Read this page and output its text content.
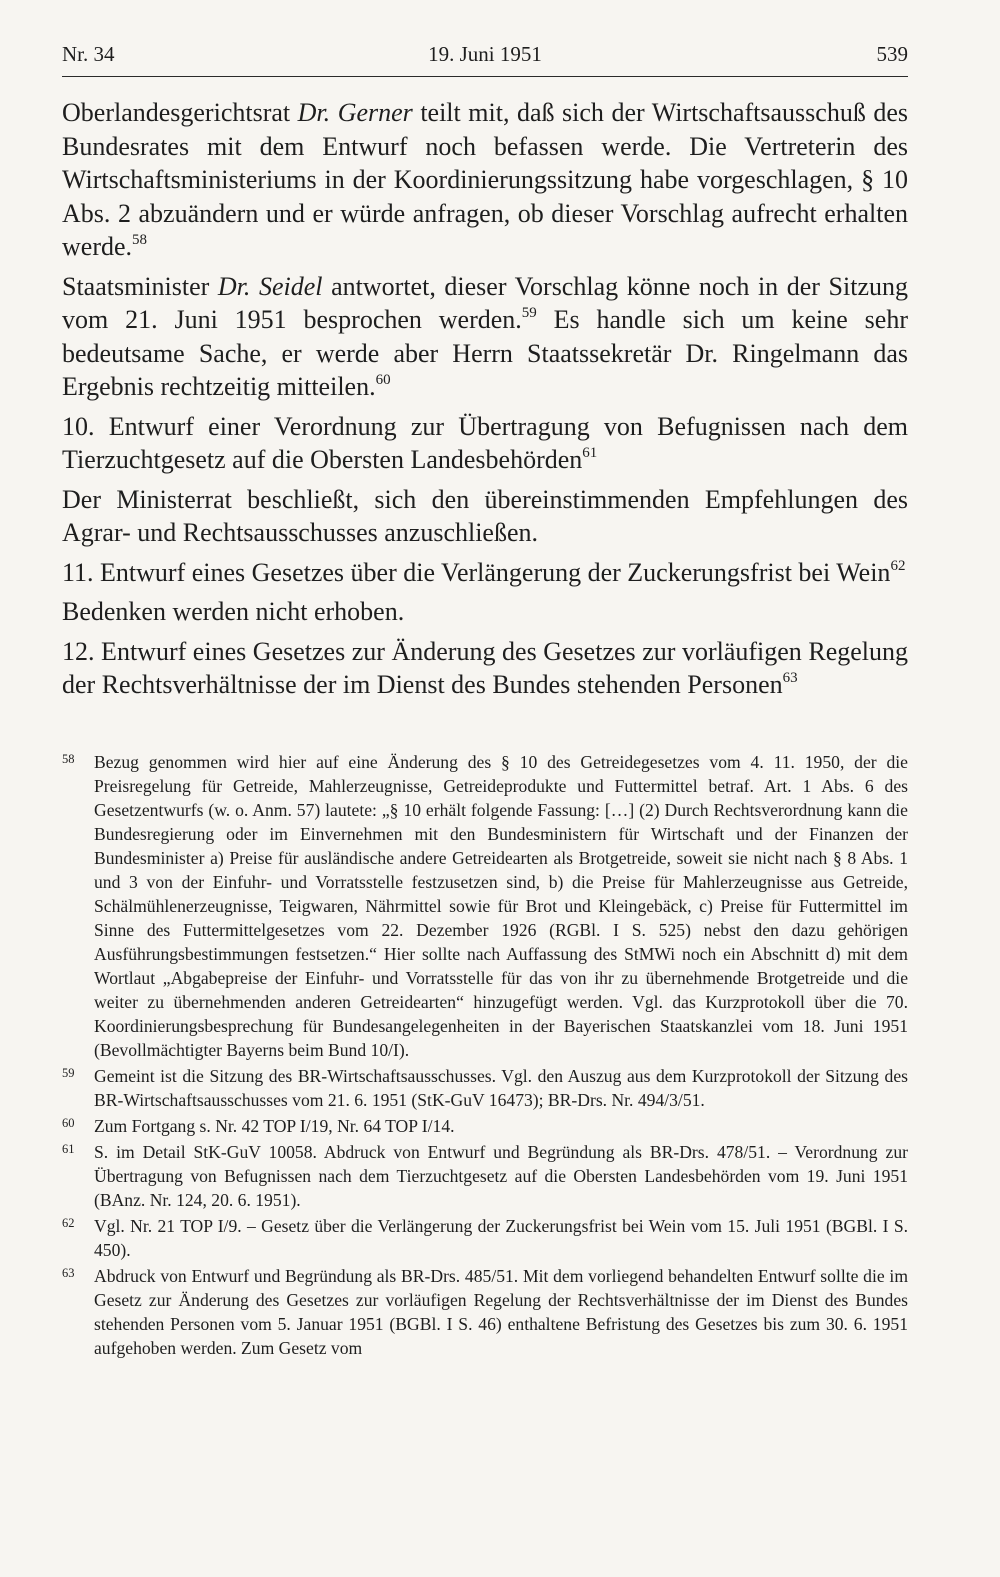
Nr. 34	19. Juni 1951	539

Oberlandesgerichtsrat Dr. Gerner teilt mit, daß sich der Wirtschaftsausschuß des Bundesrates mit dem Entwurf noch befassen werde. Die Vertreterin des Wirtschaftsministeriums in der Koordinierungssitzung habe vorgeschlagen, § 10 Abs. 2 abzuändern und er würde anfragen, ob dieser Vorschlag aufrecht erhalten werde.$^{58}$

Staatsminister Dr. Seidel antwortet, dieser Vorschlag könne noch in der Sitzung vom 21. Juni 1951 besprochen werden.$^{59}$ Es handle sich um keine sehr bedeutsame Sache, er werde aber Herrn Staatssekretär Dr. Ringelmann das Ergebnis rechtzeitig mitteilen.$^{60}$

10. Entwurf einer Verordnung zur Übertragung von Befugnissen nach dem Tierzuchtgesetz auf die Obersten Landesbehörden$^{61}$

Der Ministerrat beschließt, sich den übereinstimmenden Empfehlungen des Agrar- und Rechtsausschusses anzuschließen.

11. Entwurf eines Gesetzes über die Verlängerung der Zuckerungsfrist bei Wein$^{62}$

Bedenken werden nicht erhoben.

12. Entwurf eines Gesetzes zur Änderung des Gesetzes zur vorläufigen Regelung der Rechtsverhältnisse der im Dienst des Bundes stehenden Personen$^{63}$

58 Bezug genommen wird hier auf eine Änderung des § 10 des Getreidegesetzes vom 4. 11. 1950, der die Preisregelung für Getreide, Mahlerzeugnisse, Getreideprodukte und Futtermittel betraf. Art. 1 Abs. 6 des Gesetzentwurfs (w. o. Anm. 57) lautete: „§ 10 erhält folgende Fassung: […] (2) Durch Rechtsverordnung kann die Bundesregierung oder im Einvernehmen mit den Bundesministern für Wirtschaft und der Finanzen der Bundesminister a) Preise für ausländische andere Getreidearten als Brotgetreide, soweit sie nicht nach § 8 Abs. 1 und 3 von der Einfuhr- und Vorratsstelle festzusetzen sind, b) die Preise für Mahlerzeugnisse aus Getreide, Schälmühlenerzeugnisse, Teigwaren, Nährmittel sowie für Brot und Kleingebäck, c) Preise für Futtermittel im Sinne des Futtermittelgesetzes vom 22. Dezember 1926 (RGBl. I S. 525) nebst den dazu gehörigen Ausführungsbestimmungen festsetzen.“ Hier sollte nach Auffassung des StMWi noch ein Abschnitt d) mit dem Wortlaut „Abgabepreise der Einfuhr- und Vorratsstelle für das von ihr zu übernehmende Brotgetreide und die weiter zu übernehmenden anderen Getreidearten“ hinzugefügt werden. Vgl. das Kurzprotokoll über die 70. Koordinierungsbesprechung für Bundesangelegenheiten in der Bayerischen Staatskanzlei vom 18. Juni 1951 (Bevollmächtigter Bayerns beim Bund 10/I).
59 Gemeint ist die Sitzung des BR-Wirtschaftsausschusses. Vgl. den Auszug aus dem Kurzprotokoll der Sitzung des BR-Wirtschaftsausschusses vom 21. 6. 1951 (StK-GuV 16473); BR-Drs. Nr. 494/3/51.
60 Zum Fortgang s. Nr. 42 TOP I/19, Nr. 64 TOP I/14.
61 S. im Detail StK-GuV 10058. Abdruck von Entwurf und Begründung als BR-Drs. 478/51. – Verordnung zur Übertragung von Befugnissen nach dem Tierzuchtgesetz auf die Obersten Landesbehörden vom 19. Juni 1951 (BAnz. Nr. 124, 20. 6. 1951).
62 Vgl. Nr. 21 TOP I/9. – Gesetz über die Verlängerung der Zuckerungsfrist bei Wein vom 15. Juli 1951 (BGBl. I S. 450).
63 Abdruck von Entwurf und Begründung als BR-Drs. 485/51. Mit dem vorliegend behandelten Entwurf sollte die im Gesetz zur Änderung des Gesetzes zur vorläufigen Regelung der Rechtsverhältnisse der im Dienst des Bundes stehenden Personen vom 5. Januar 1951 (BGBl. I S. 46) enthaltene Befristung des Gesetzes bis zum 30. 6. 1951 aufgehoben werden. Zum Gesetz vom
